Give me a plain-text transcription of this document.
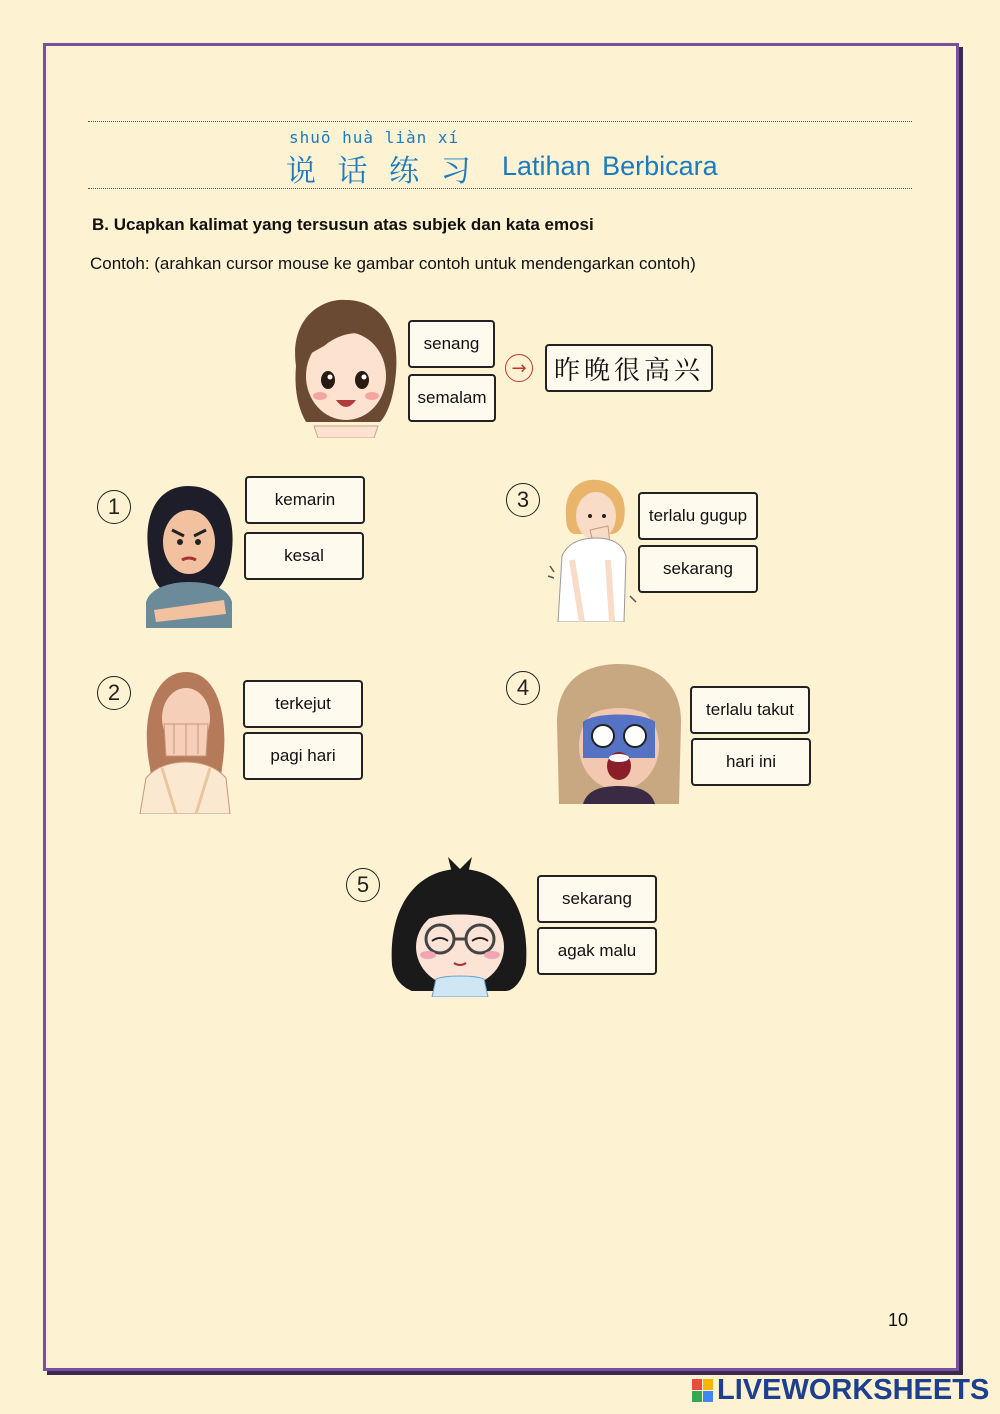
shuō huà liàn xí
说 话 练 习 Latihan Berbicara
B. Ucapkan kalimat yang tersusun atas subjek dan kata emosi
Contoh: (arahkan cursor mouse ke gambar contoh untuk mendengarkan contoh)
senang
semalam
→	昨晚很高兴
1	kemarin
kesal
2	terkejut
pagi hari
3
terlalu gugup
sekarang
4
terlalu takut
hari ini
5
sekarang
agak malu
10
LIVEWORKSHEETS
